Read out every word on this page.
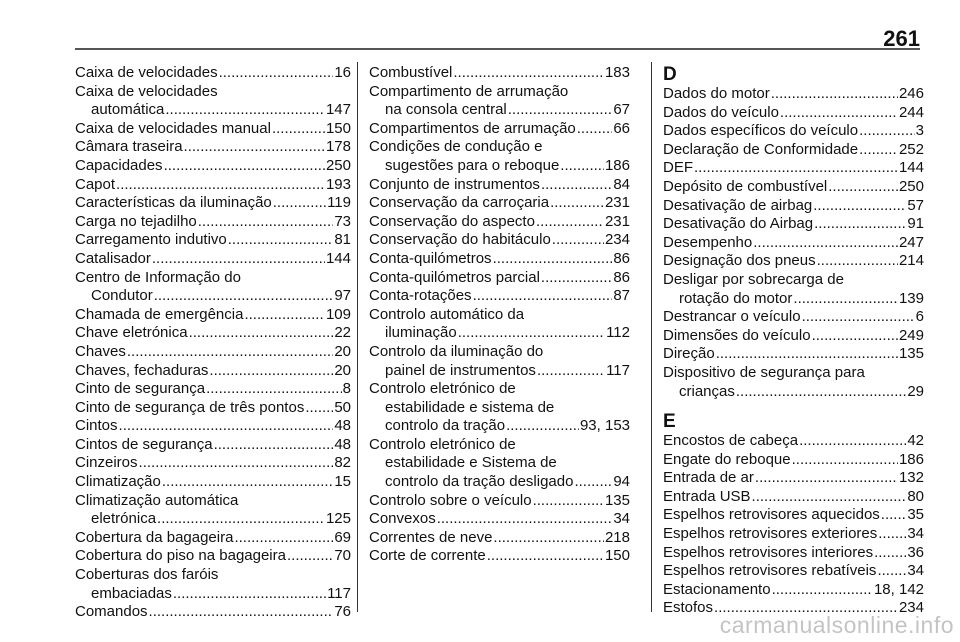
261
Caixa de velocidades .....	16
Caixa de velocidades
automática .....	147
Caixa de velocidades manual .....	150
Câmara traseira .....	178
Capacidades .....	250
Capot .....	193
Características da iluminação .....	119
Carga no tejadilho .....	73
Carregamento indutivo .....	81
Catalisador .....	144
Centro de Informação do
Condutor .....	97
Chamada de emergência .....	109
Chave eletrónica .....	22
Chaves .....	20
Chaves, fechaduras .....	20
Cinto de segurança .....	8
Cinto de segurança de três pontos ..... 50
Cintos .....	48
Cintos de segurança .....	48
Cinzeiros .....	82
Climatização .....	15
Climatização automática
eletrónica .....	125
Cobertura da bagageira .....	69
Cobertura do piso na bagageira .....	70
Coberturas dos faróis
embaciadas .....	117
Comandos .....	76
Combustível .....	183
Compartimento de arrumação
na consola central .....	67
Compartimentos de arrumação .....	66
Condições de condução e
sugestões para o reboque .....	186
Conjunto de instrumentos .....	84
Conservação da carroçaria .....	231
Conservação do aspecto .....	231
Conservação do habitáculo .....	234
Conta-quilómetros .....	86
Conta-quilómetros parcial .....	86
Conta-rotações .....	87
Controlo automático da
iluminação .....	112
Controlo da iluminação do
painel de instrumentos .....	117
Controlo eletrónico de
estabilidade e sistema de
controlo da tração .....	93, 153
Controlo eletrónico de
estabilidade e Sistema de
controlo da tração desligado .....	94
Controlo sobre o veículo .....	135
Convexos .....	34
Correntes de neve .....	218
Corte de corrente .....	150
D
Dados do motor .....	246
Dados do veículo .....	244
Dados específicos do veículo .....	3
Declaração de Conformidade .....	252
DEF .....	144
Depósito de combustível .....	250
Desativação de airbag .....	57
Desativação do Airbag .....	91
Desempenho .....	247
Designação dos pneus .....	214
Desligar por sobrecarga de
rotação do motor .....	139
Destrancar o veículo .....	6
Dimensões do veículo .....	249
Direção .....	135
Dispositivo de segurança para
crianças .....	29
E
Encostos de cabeça .....	42
Engate do reboque .....	186
Entrada de ar .....	132
Entrada USB .....	80
Espelhos retrovisores aquecidos ..... 35
Espelhos retrovisores exteriores ..... 34
Espelhos retrovisores interiores ..... 36
Espelhos retrovisores rebatíveis ..... 34
Estacionamento .....	18, 142
Estofos .....	234
carmanualsonline.info
